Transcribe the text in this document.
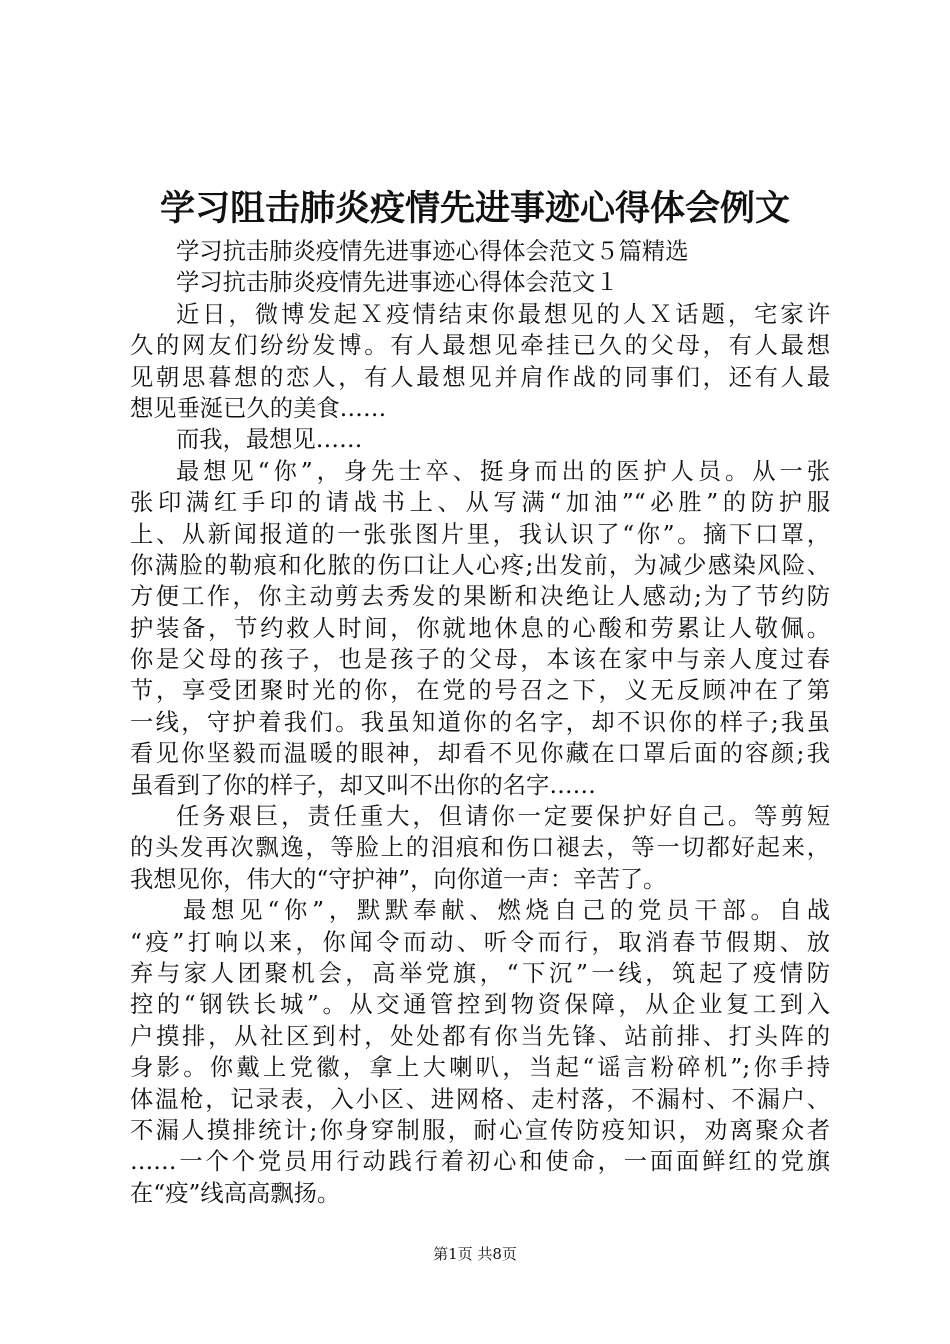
学习阻击肺炎疫情先进事迹心得体会例文
学习抗击肺炎疫情先进事迹心得体会范文５篇精选
学习抗击肺炎疫情先进事迹心得体会范文１
近日，微博发起Ｘ疫情结束你最想见的人Ｘ话题，宅家许
久的网友们纷纷发博。有人最想见牵挂已久的父母，有人最想
见朝思暮想的恋人，有人最想见并肩作战的同事们，还有人最
想见垂涎已久的美食……
而我，最想见……
最想见“你”，身先士卒、挺身而出的医护人员。从一张
张印满红手印的请战书上、从写满“加油”“必胜”的防护服
上、从新闻报道的一张张图片里，我认识了“你”。摘下口罩，
你满脸的勒痕和化脓的伤口让人心疼;出发前，为减少感染风险、
方便工作，你主动剪去秀发的果断和决绝让人感动;为了节约防
护装备，节约救人时间，你就地休息的心酸和劳累让人敬佩。
你是父母的孩子，也是孩子的父母，本该在家中与亲人度过春
节，享受团聚时光的你，在党的号召之下，义无反顾冲在了第
一线，守护着我们。我虽知道你的名字，却不识你的样子;我虽
看见你坚毅而温暖的眼神，却看不见你藏在口罩后面的容颜;我
虽看到了你的样子，却又叫不出你的名字……
任务艰巨，责任重大，但请你一定要保护好自己。等剪短
的头发再次飘逸，等脸上的泪痕和伤口褪去，等一切都好起来，
我想见你，伟大的“守护神”，向你道一声：辛苦了。
最想见“你”，默默奉献、燃烧自己的党员干部。自战
“疫”打响以来，你闻令而动、听令而行，取消春节假期、放
弃与家人团聚机会，高举党旗，“下沉”一线，筑起了疫情防
控的“钢铁长城”。从交通管控到物资保障，从企业复工到入
户摸排，从社区到村，处处都有你当先锋、站前排、打头阵的
身影。你戴上党徽，拿上大喇叭，当起“谣言粉碎机”;你手持
体温枪，记录表，入小区、进网格、走村落，不漏村、不漏户、
不漏人摸排统计;你身穿制服，耐心宣传防疫知识，劝离聚众者
……一个个党员用行动践行着初心和使命，一面面鲜红的党旗
在“疫”线高高飘扬。
第1页 共8页
